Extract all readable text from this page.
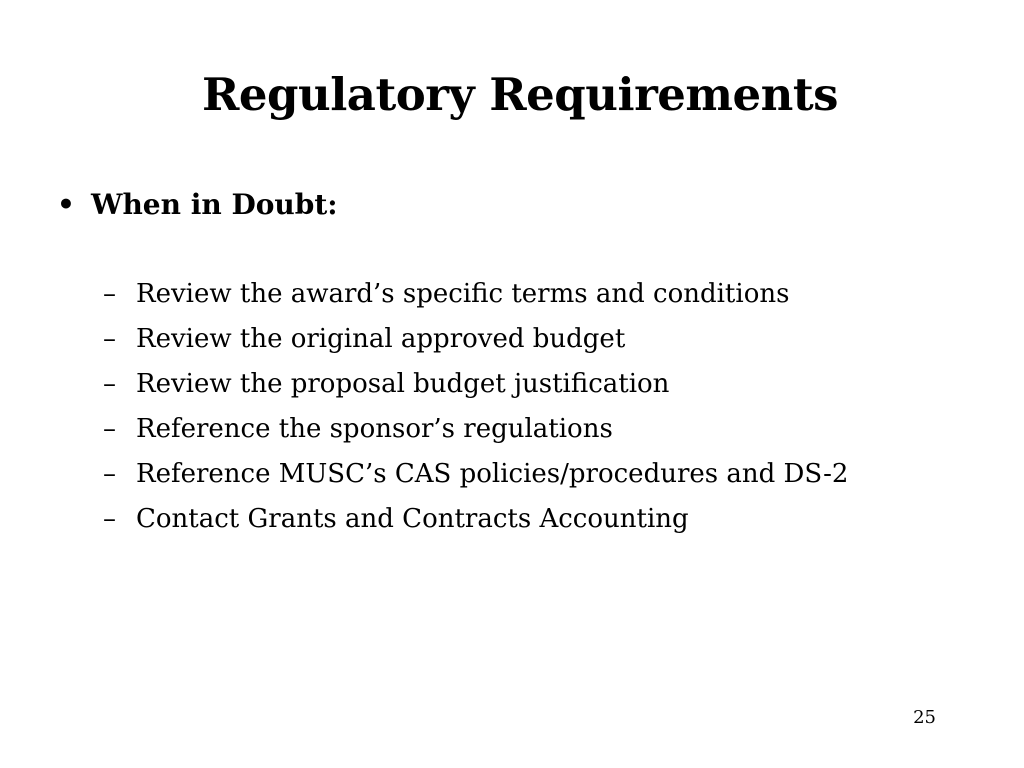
Regulatory Requirements
• When in Doubt:
– Review the award’s specific terms and conditions
– Review the original approved budget
– Review the proposal budget justification
– Reference the sponsor’s regulations
– Reference MUSC’s CAS policies/procedures and DS-2
– Contact Grants and Contracts Accounting
25
